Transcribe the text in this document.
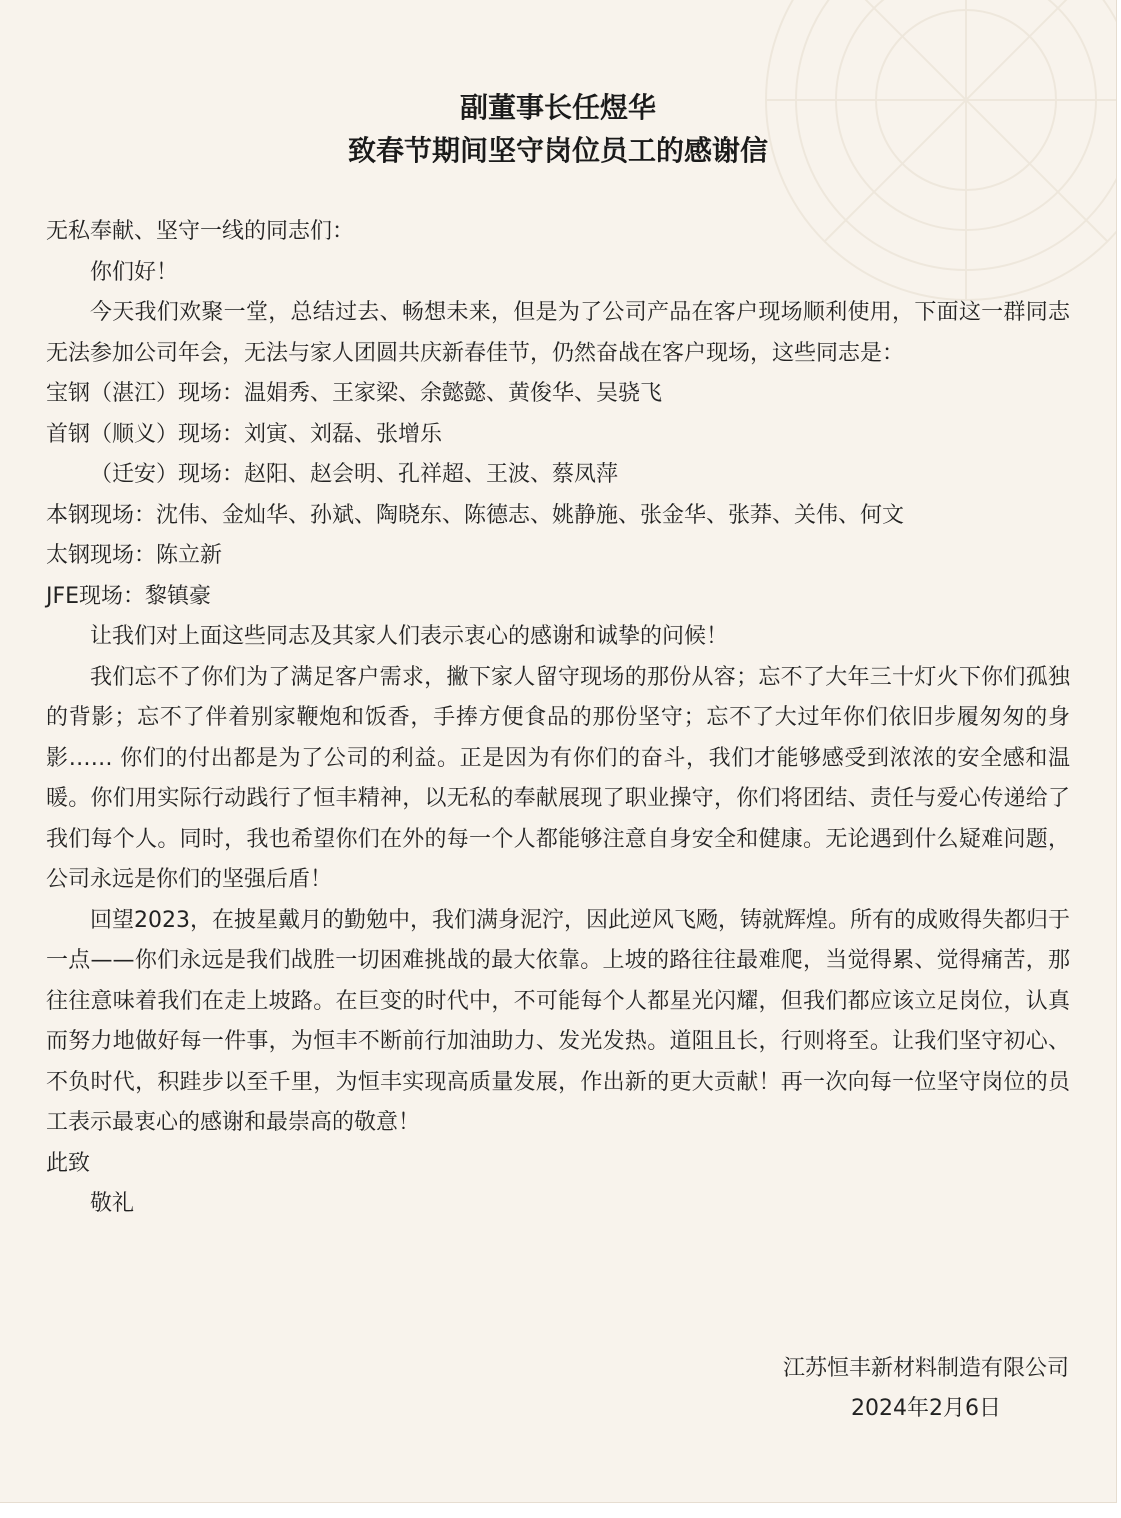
副董事长任煜华
致春节期间坚守岗位员工的感谢信

无私奉献、坚守一线的同志们：

你们好！

今天我们欢聚一堂，总结过去、畅想未来，但是为了公司产品在客户现场顺利使用，下面这一群同志无法参加公司年会，无法与家人团圆共庆新春佳节，仍然奋战在客户现场，这些同志是：

宝钢（湛江）现场：温娟秀、王家梁、余懿懿、黄俊华、吴骁飞

首钢（顺义）现场：刘寅、刘磊、张增乐

（迁安）现场：赵阳、赵会明、孔祥超、王波、蔡凤萍

本钢现场：沈伟、金灿华、孙斌、陶晓东、陈德志、姚静施、张金华、张莽、关伟、何文

太钢现场：陈立新

JFE现场：黎镇豪

让我们对上面这些同志及其家人们表示衷心的感谢和诚挚的问候！

我们忘不了你们为了满足客户需求，撇下家人留守现场的那份从容；忘不了大年三十灯火下你们孤独的背影；忘不了伴着别家鞭炮和饭香，手捧方便食品的那份坚守；忘不了大过年你们依旧步履匆匆的身影…… 你们的付出都是为了公司的利益。正是因为有你们的奋斗，我们才能够感受到浓浓的安全感和温暖。你们用实际行动践行了恒丰精神，以无私的奉献展现了职业操守，你们将团结、责任与爱心传递给了我们每个人。同时，我也希望你们在外的每一个人都能够注意自身安全和健康。无论遇到什么疑难问题，公司永远是你们的坚强后盾！

回望2023，在披星戴月的勤勉中，我们满身泥泞，因此逆风飞飏，铸就辉煌。所有的成败得失都归于一点——你们永远是我们战胜一切困难挑战的最大依靠。上坡的路往往最难爬，当觉得累、觉得痛苦，那往往意味着我们在走上坡路。在巨变的时代中，不可能每个人都星光闪耀，但我们都应该立足岗位，认真而努力地做好每一件事，为恒丰不断前行加油助力、发光发热。道阻且长，行则将至。让我们坚守初心、不负时代，积跬步以至千里，为恒丰实现高质量发展，作出新的更大贡献！再一次向每一位坚守岗位的员工表示最衷心的感谢和最崇高的敬意！

此致

敬礼

江苏恒丰新材料制造有限公司
2024年2月6日
